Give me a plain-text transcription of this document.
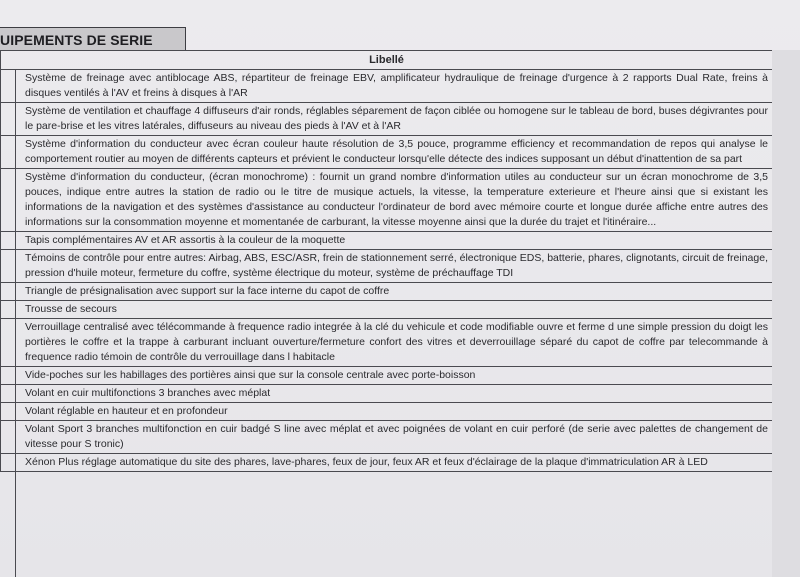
UIPEMENTS DE SERIE
Libellé
Système de freinage avec antiblocage ABS, répartiteur de freinage EBV, amplificateur hydraulique de freinage d'urgence à 2 rapports Dual Rate, freins à disques ventilés à l'AV et freins à disques à l'AR
Système de ventilation et chauffage 4 diffuseurs d'air ronds, réglables séparement de façon ciblée ou homogene sur le tableau de bord, buses dégivrantes pour le pare-brise et les vitres latérales, diffuseurs au niveau des pieds à l'AV et à l'AR
Système d'information du conducteur avec écran couleur haute résolution de 3,5 pouce, programme efficiency et recommandation de repos qui analyse le comportement routier au moyen de différents capteurs et prévient le conducteur lorsqu'elle détecte des indices supposant un début d'inattention de sa part
Système d'information du conducteur, (écran monochrome) : fournit un grand nombre d'information utiles au conducteur sur un écran monochrome de 3,5 pouces, indique entre autres la station de radio ou le titre de musique actuels, la vitesse, la temperature exterieure et l'heure ainsi que si existant les informations de la navigation et des systèmes d'assistance au conducteur l'ordinateur de bord avec mémoire courte et longue durée affiche entre autres des informations sur la consommation moyenne et momentanée de carburant, la vitesse moyenne ainsi que la durée du trajet et l'itinéraire...
Tapis complémentaires AV et AR assortis à la couleur de la moquette
Témoins de contrôle pour entre autres: Airbag, ABS, ESC/ASR, frein de stationnement serré, électronique EDS, batterie, phares, clignotants, circuit de freinage, pression d'huile moteur, fermeture du coffre, système électrique du moteur, système de préchauffage TDI
Triangle de présignalisation avec support sur la face interne du capot de coffre
Trousse de secours
Verrouillage centralisé avec télécommande à frequence radio integrée à la clé du vehicule et code modifiable ouvre et ferme d une simple pression du doigt les portières le coffre et la trappe à carburant incluant ouverture/fermeture confort des vitres et deverrouillage séparé du capot de coffre par telecommande à frequence radio témoin de contrôle du verrouillage dans l habitacle
Vide-poches sur les habillages des portières ainsi que sur la console centrale avec porte-boisson
Volant en cuir multifonctions 3 branches avec méplat
Volant réglable en hauteur et en profondeur
Volant Sport 3 branches multifonction en cuir badgé S line avec méplat et avec poignées de volant en cuir perforé (de serie avec palettes de changement de vitesse pour S tronic)
Xénon Plus réglage automatique du site des phares, lave-phares, feux de jour, feux AR et feux d'éclairage de la plaque d'immatriculation AR à LED
